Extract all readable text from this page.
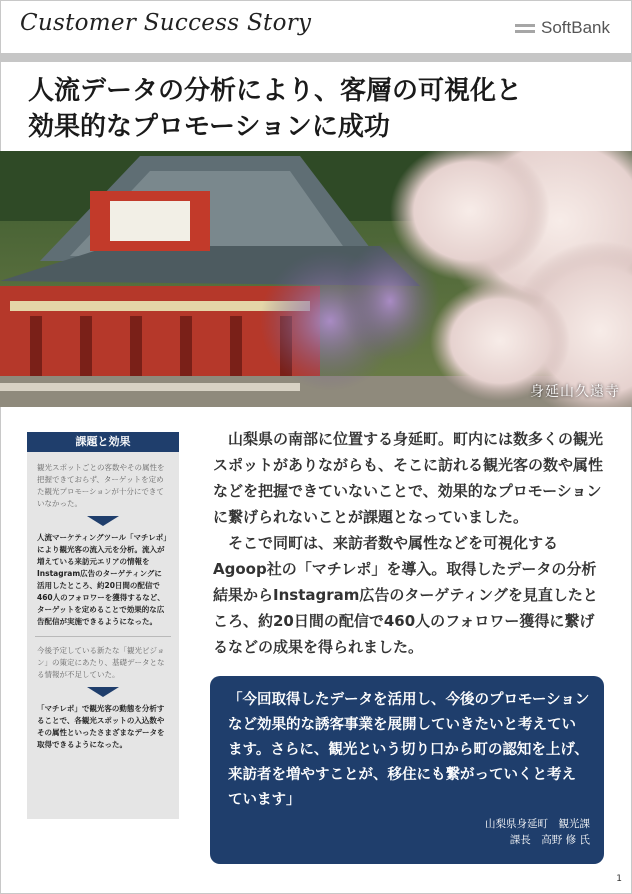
Customer Success Story	SoftBank
人流データの分析により、客層の可視化と
効果的なプロモーションに成功
身延山久遠寺
課題と効果
観光スポットごとの客数やその属性を把握できておらず、ターゲットを定めた観光プロモーションが十分にできていなかった。
人流マーケティングツール「マチレポ」により観光客の流入元を分析。流入が増えている来訪元エリアの情報をInstagram広告のターゲティングに活用したところ、約20日間の配信で460人のフォロワーを獲得するなど、ターゲットを定めることで効果的な広告配信が実施できるようになった。
今後予定している新たな「観光ビジョン」の策定にあたり、基礎データとなる情報が不足していた。
「マチレポ」で観光客の動態を分析することで、各観光スポットの入込数やその属性といったさまざまなデータを取得できるようになった。

山梨県の南部に位置する身延町。町内には数多くの観光スポットがありながらも、そこに訪れる観光客の数や属性などを把握できていないことで、効果的なプロモーションに繋げられないことが課題となっていました。

そこで同町は、来訪者数や属性などを可視化するAgoop社の「マチレポ」を導入。取得したデータの分析結果からInstagram広告のターゲティングを見直したところ、約20日間の配信で460人のフォロワー獲得に繋げるなどの成果を得られました。

「今回取得したデータを活用し、今後のプロモーションなど効果的な誘客事業を展開していきたいと考えています。さらに、観光という切り口から町の認知を上げ、来訪者を増やすことが、移住にも繋がっていくと考えています」

山梨県身延町　観光課
課長　高野 修 氏
1
